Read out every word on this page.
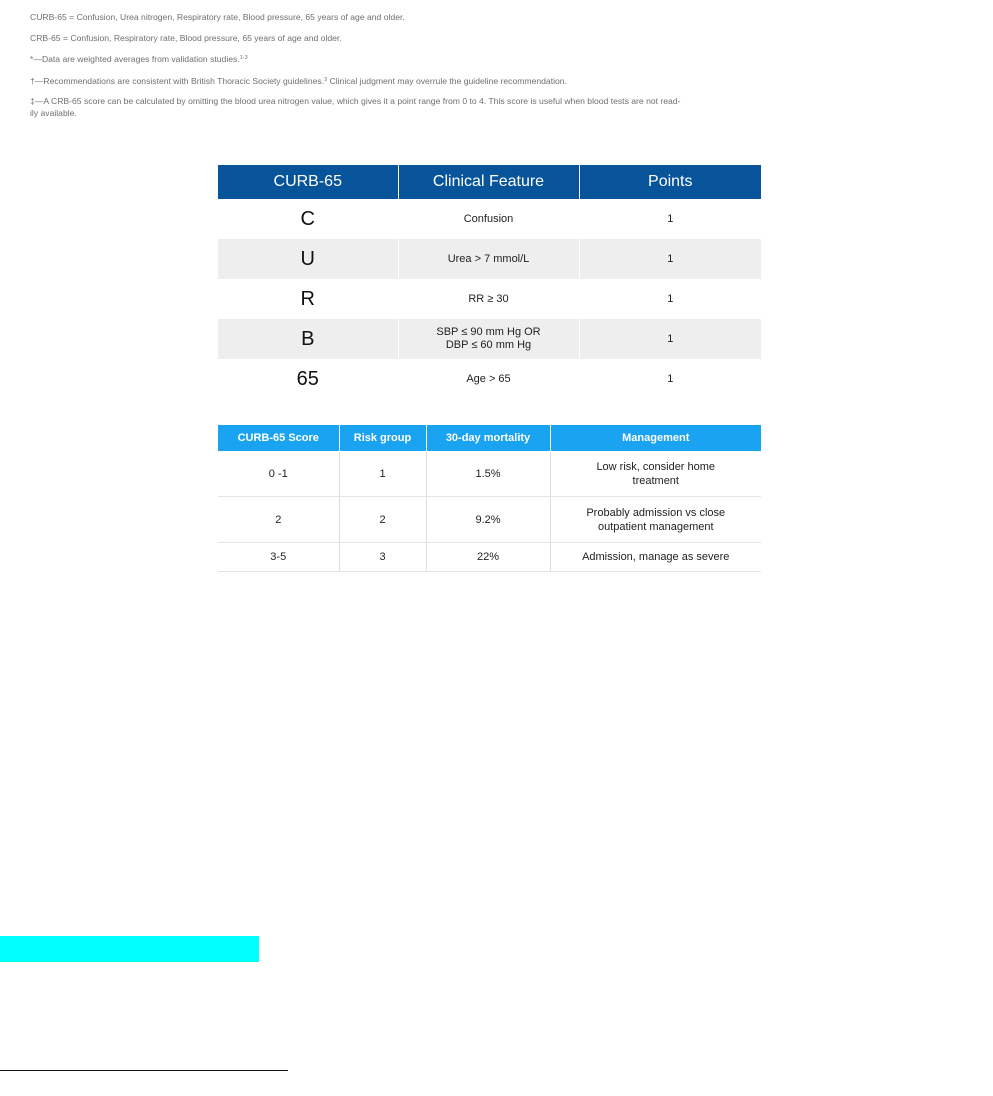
CURB-65 = Confusion, Urea nitrogen, Respiratory rate, Blood pressure, 65 years of age and older.

CRB-65 = Confusion, Respiratory rate, Blood pressure, 65 years of age and older.

*—Data are weighted averages from validation studies.$^{1-3}$

†—Recommendations are consistent with British Thoracic Society guidelines.$^3$ Clinical judgment may overrule the guideline recommendation.

‡—A CRB-65 score can be calculated by omitting the blood urea nitrogen value, which gives it a point range from 0 to 4. This score is useful when blood tests are not read-

ily available.

CURB-65	Clinical Feature	Points
C	Confusion	1
U	Urea > 7 mmol/L	1
R	RR ≥ 30	1
B	SBP ≤ 90 mm Hg OR
DBP ≤ 60 mm Hg	1
65	Age > 65	1
CURB-65 Score	Risk group	30-day mortality	Management
0 -1	1	1.5%	Low risk, consider home
treatment

2	2	9.2%	Probably admission vs close
outpatient management

3-5	3	22%	Admission, manage as severe
